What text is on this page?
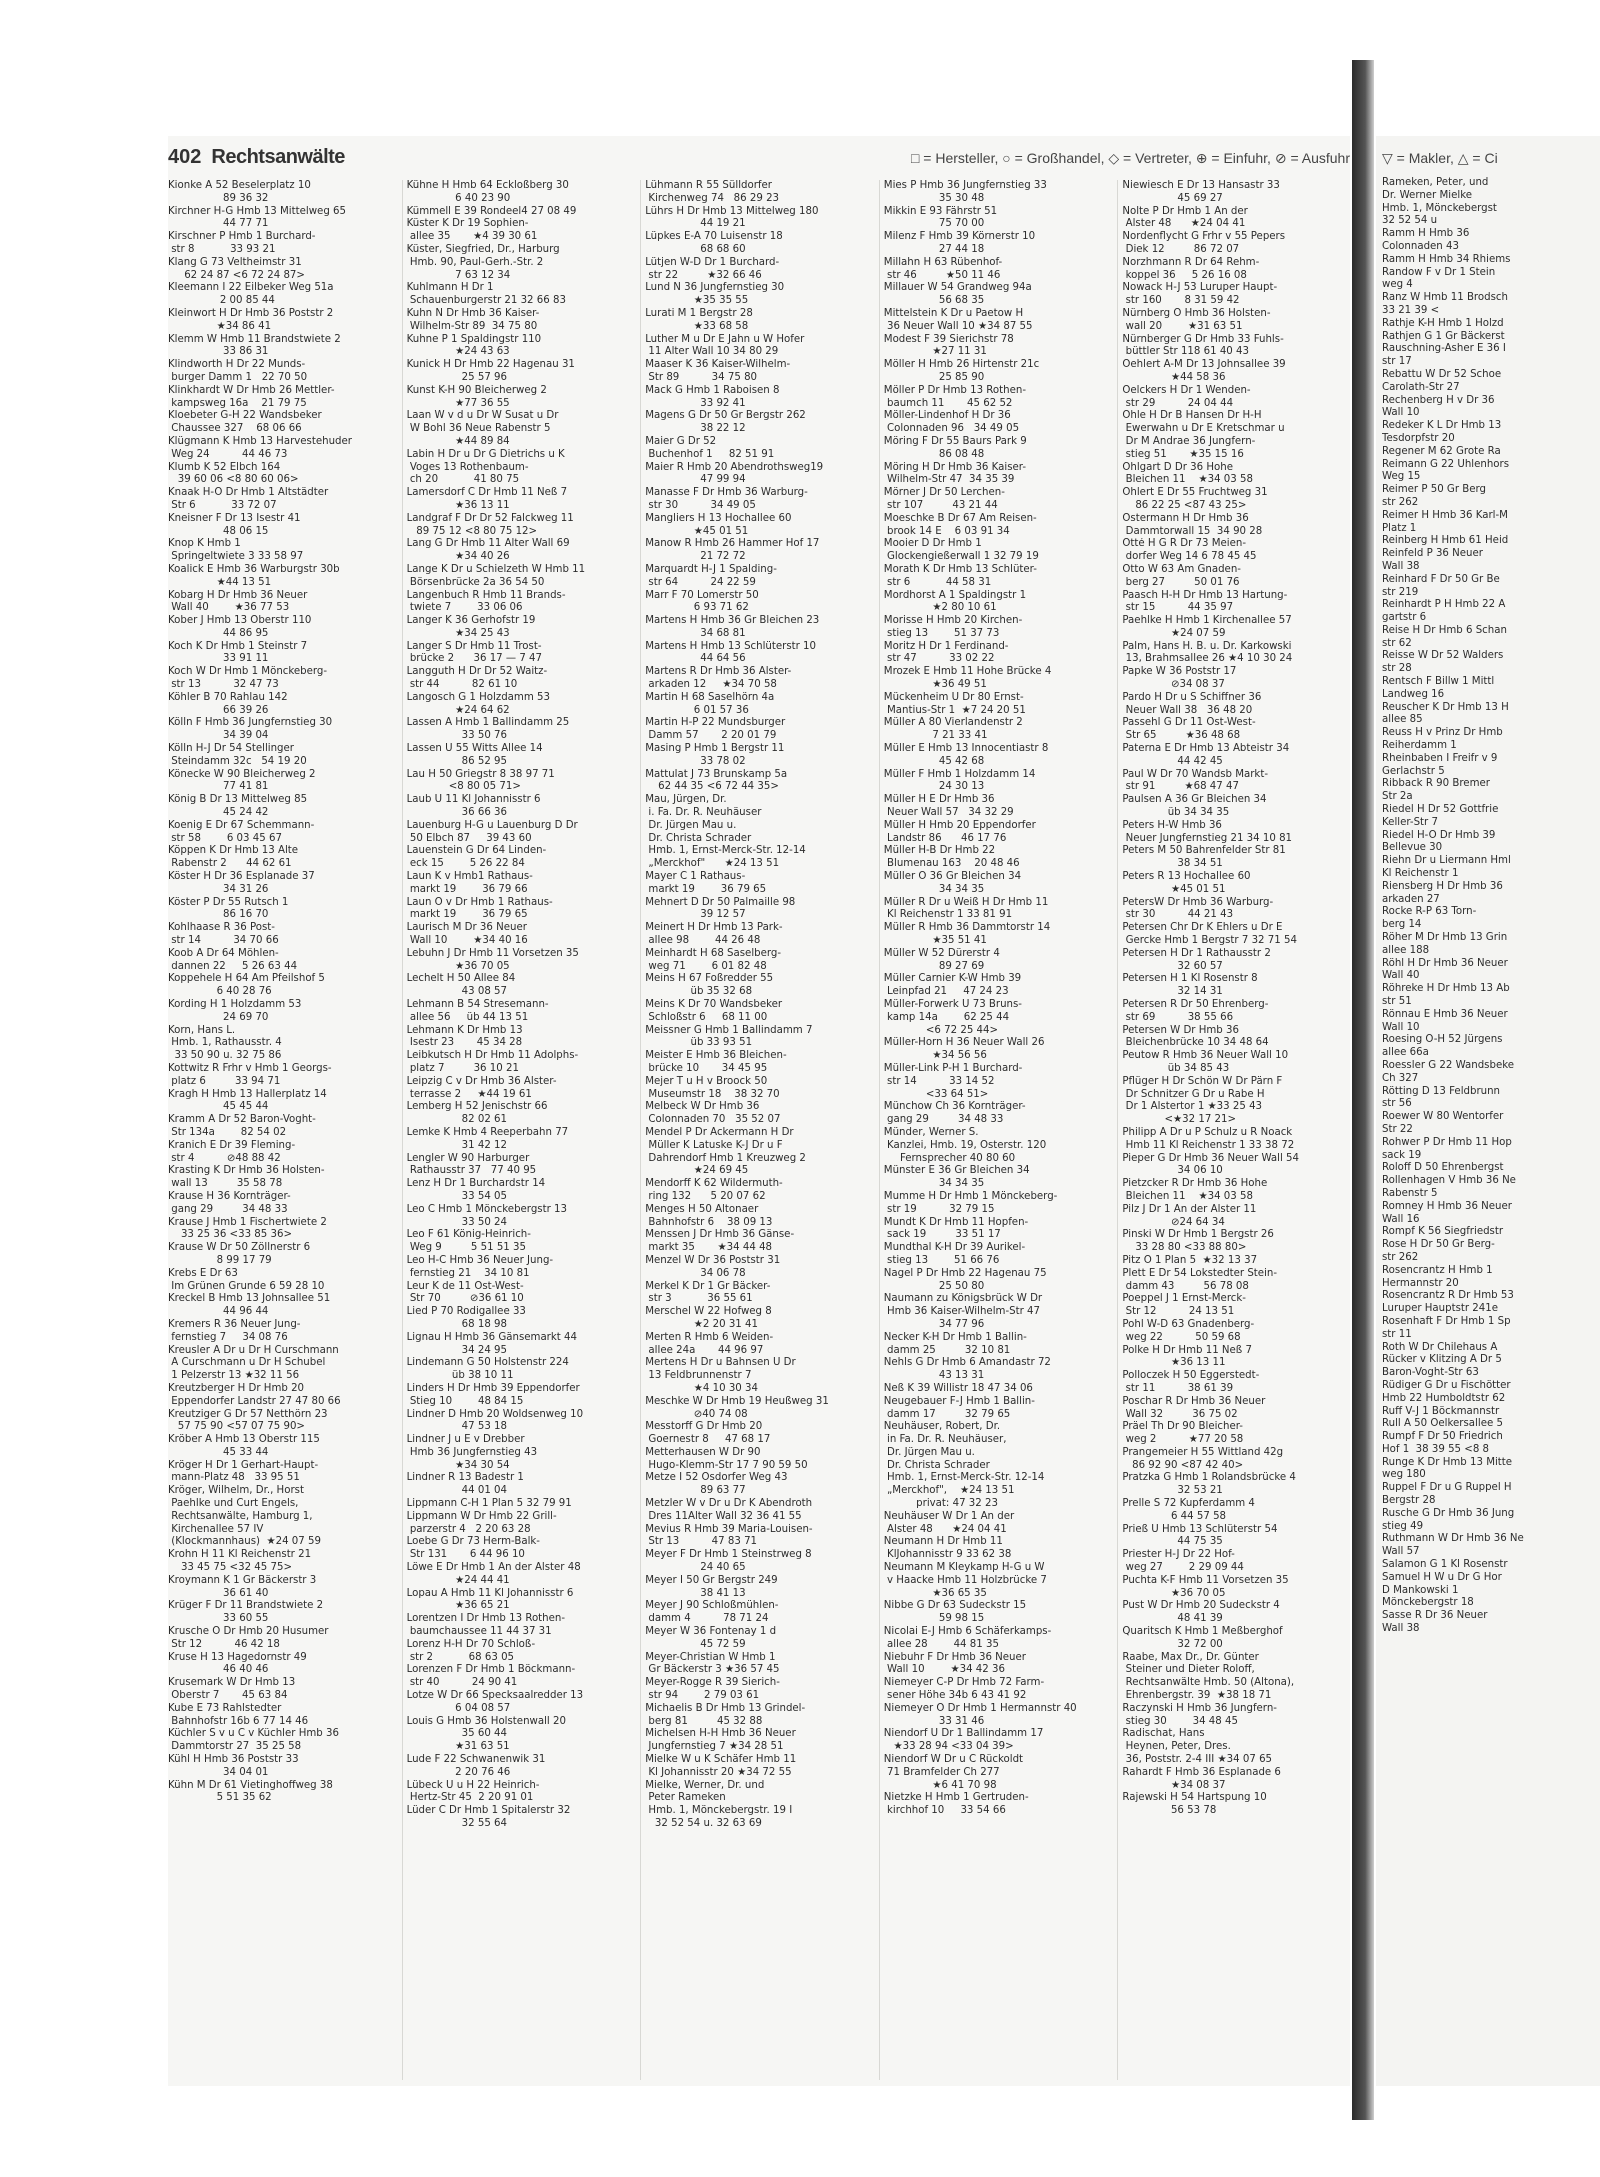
402 Rechtsanwälte	□ = Hersteller, ○ = Großhandel, ◇ = Vertreter, ⊕ = Einfuhr, ⊘ = Ausfuhr
Kionke A 52 Beselerplatz 10
89 36 32
Kirchner H-G Hmb 13 Mittelweg 65
44 77 71
Kirschner P Hmb 1 Burchard-
str 8           33 93 21
Klang G 73 Veltheimstr 31
62 24 87 <6 72 24 87>
Kleemann I 22 Eilbeker Weg 51a
2 00 85 44
Kleinwort H Dr Hmb 36 Poststr 2
★34 86 41
Klemm W Hmb 11 Brandstwiete 2
33 86 31
Klindworth H Dr 22 Munds-
burger Damm 1   22 70 50
Klinkhardt W Dr Hmb 26 Mettler-
kampsweg 16a    21 79 75
Kloebeter G-H 22 Wandsbeker
Chaussee 327    68 06 66
Klügmann K Hmb 13 Harvestehuder
Weg 24          44 46 73
Klumb K 52 Elbch 164
39 60 06 <8 80 60 06>
Knaak H-O Dr Hmb 1 Altstädter
Str 6           33 72 07
Kneisner F Dr 13 Isestr 41
48 06 15
Knop K Hmb 1
Springeltwiete 3 33 58 97
Koalick E Hmb 36 Warburgstr 30b
★44 13 51
Kobarg H Dr Hmb 36 Neuer
Wall 40        ★36 77 53
Kober J Hmb 13 Oberstr 110
44 86 95
Koch K Dr Hmb 1 Steinstr 7
33 91 11
Koch W Dr Hmb 1 Mönckeberg-
str 13          32 47 73
Köhler B 70 Rahlau 142
66 39 26
Kölln F Hmb 36 Jungfernstieg 30
34 39 04
Kölln H-J Dr 54 Stellinger
Steindamm 32c   54 19 20
Könecke W 90 Bleicherweg 2
77 41 81
König B Dr 13 Mittelweg 85
45 24 42
Koenig E Dr 67 Schemmann-
str 58        6 03 45 67
Köppen K Dr Hmb 13 Alte
Rabenstr 2      44 62 61
Köster H Dr 36 Esplanade 37
34 31 26
Köster P Dr 55 Rutsch 1
86 16 70
Kohlhaase R 36 Post-
str 14          34 70 66
Koob A Dr 64 Möhlen-
dannen 22     5 26 63 44
Koppehele H 64 Am Pfeilshof 5
6 40 28 76
Kording H 1 Holzdamm 53
24 69 70
Korn, Hans L.
Hmb. 1, Rathausstr. 4
33 50 90 u. 32 75 86
Kottwitz R Frhr v Hmb 1 Georgs-
platz 6         33 94 71
Kragh H Hmb 13 Hallerplatz 14
45 45 44
Kramm A Dr 52 Baron-Voght-
Str 134a        82 54 02
Kranich E Dr 39 Fleming-
str 4          ⊘48 88 42
Krasting K Dr Hmb 36 Holsten-
wall 13         35 58 78
Krause H 36 Kornträger-
gang 29         34 48 33
Krause J Hmb 1 Fischertwiete 2
33 25 36 <33 85 36>
Krause W Dr 50 Zöllnerstr 6
8 99 17 79
Krebs E Dr 63
Im Grünen Grunde 6 59 28 10
Kreckel B Hmb 13 Johnsallee 51
44 96 44
Kremers R 36 Neuer Jung-
fernstieg 7     34 08 76
Kreusler A Dr u Dr H Curschmann
A Curschmann u Dr H Schubel
1 Pelzerstr 13 ★32 11 56
Kreutzberger H Dr Hmb 20
Eppendorfer Landstr 27 47 80 66
Kreutziger G Dr 57 Netthörn 23
57 75 90 <57 07 75 90>
Kröber A Hmb 13 Oberstr 115
45 33 44
Kröger H Dr 1 Gerhart-Haupt-
mann-Platz 48   33 95 51
Kröger, Wilhelm, Dr., Horst
Paehlke und Curt Engels,
Rechtsanwälte, Hamburg 1,
Kirchenallee 57 IV
(Klockmannhaus)  ★24 07 59
Krohn H 11 Kl Reichenstr 21
33 45 75 <32 45 75>
Kroymann K 1 Gr Bäckerstr 3
36 61 40
Krüger F Dr 11 Brandstwiete 2
33 60 55
Krusche O Dr Hmb 20 Husumer
Str 12          46 42 18
Kruse H 13 Hagedornstr 49
46 40 46
Krusemark W Dr Hmb 13
Oberstr 7       45 63 84
Kube E 73 Rahlstedter
Bahnhofstr 16b 6 77 14 46
Küchler S v u C v Küchler Hmb 36
Dammtorstr 27  35 25 58
Kühl H Hmb 36 Poststr 33
34 04 01
Kühn M Dr 61 Vietinghoffweg 38
5 51 35 62
Kühne H Hmb 64 Eckloßberg 30
6 40 23 90
Kümmell E 39 Rondeel4 27 08 49
Küster K Dr 19 Sophien-
allee 35       ★4 39 30 61
Küster, Siegfried, Dr., Harburg
Hmb. 90, Paul-Gerh.-Str. 2
7 63 12 34
Kuhlmann H Dr 1
Schauenburgerstr 21 32 66 83
Kuhn N Dr Hmb 36 Kaiser-
Wilhelm-Str 89  34 75 80
Kuhne P 1 Spaldingstr 110
★24 43 63
Kunick H Dr Hmb 22 Hagenau 31
25 57 96
Kunst K-H 90 Bleicherweg 2
★77 36 55
Laan W v d u Dr W Susat u Dr
W Bohl 36 Neue Rabenstr 5
★44 89 84
Labin H Dr u Dr G Dietrichs u K
Voges 13 Rothenbaum-
ch 20           41 80 75
Lamersdorf C Dr Hmb 11 Neß 7
★36 13 11
Landgraf F Dr Dr 52 Falckweg 11
89 75 12 <8 80 75 12>
Lang G Dr Hmb 11 Alter Wall 69
★34 40 26
Lange K Dr u Schielzeth W Hmb 11
Börsenbrücke 2a 36 54 50
Langenbuch R Hmb 11 Brands-
twiete 7        33 06 06
Langer K 36 Gerhofstr 19
★34 25 43
Langer S Dr Hmb 11 Trost-
brücke 2      36 17 — 7 47
Langguth H Dr Dr 52 Waitz-
str 44          82 61 10
Langosch G 1 Holzdamm 53
★24 64 62
Lassen A Hmb 1 Ballindamm 25
33 50 76
Lassen U 55 Witts Allee 14
86 52 95
Lau H 50 Griegstr 8 38 97 71
<8 80 05 71>
Laub U 11 Kl Johannisstr 6
36 66 36
Lauenburg H-G u Lauenburg D Dr
50 Elbch 87     39 43 60
Lauenstein G Dr 64 Linden-
eck 15        5 26 22 84
Laun K v Hmb1 Rathaus-
markt 19        36 79 66
Laun O v Dr Hmb 1 Rathaus-
markt 19        36 79 65
Laurisch M Dr 36 Neuer
Wall 10        ★34 40 16
Lebuhn J Dr Hmb 11 Vorsetzen 35
★36 70 05
Lechelt H 50 Allee 84
43 08 57
Lehmann B 54 Stresemann-
allee 56     üb 44 13 51
Lehmann K Dr Hmb 13
Isestr 23       45 34 28
Leibkutsch H Dr Hmb 11 Adolphs-
platz 7         36 10 21
Leipzig C v Dr Hmb 36 Alster-
terrasse 2     ★44 19 61
Lemberg H 52 Jenischstr 66
82 02 61
Lemke K Hmb 4 Reeperbahn 77
31 42 12
Lengler W 90 Harburger
Rathausstr 37   77 40 95
Lenz H Dr 1 Burchardstr 14
33 54 05
Leo C Hmb 1 Mönckebergstr 13
33 50 24
Leo F 61 König-Heinrich-
Weg 9         5 51 51 35
Leo H-C Hmb 36 Neuer Jung-
fernstieg 21    34 10 81
Leur K de 11 Ost-West-
Str 70         ⊘36 61 10
Lied P 70 Rodigallee 33
68 18 98
Lignau H Hmb 36 Gänsemarkt 44
34 24 95
Lindemann G 50 Holstenstr 224
üb 38 10 11
Linders H Dr Hmb 39 Eppendorfer
Stieg 10        48 84 15
Lindner D Hmb 20 Woldsenweg 10
47 53 18
Lindner J u E v Drebber
Hmb 36 Jungfernstieg 43
★34 30 54
Lindner R 13 Badestr 1
44 01 04
Lippmann C-H 1 Plan 5 32 79 91
Lippmann W Dr Hmb 22 Grill-
parzerstr 4   2 20 63 28
Loebe G Dr 73 Herm-Balk-
Str 131       6 44 96 10
Löwe E Dr Hmb 1 An der Alster 48
★24 44 41
Lopau A Hmb 11 Kl Johannisstr 6
★36 65 21
Lorentzen I Dr Hmb 13 Rothen-
baumchaussee 11 44 37 31
Lorenz H-H Dr 70 Schloß-
str 2           68 63 05
Lorenzen F Dr Hmb 1 Böckmann-
str 40          24 90 41
Lotze W Dr 66 Specksaalredder 13
6 04 08 57
Louis G Hmb 36 Holstenwall 20
35 60 44
★31 63 51
Lude F 22 Schwanenwik 31
2 20 76 46
Lübeck U u H 22 Heinrich-
Hertz-Str 45  2 20 91 01
Lüder C Dr Hmb 1 Spitalerstr 32
32 55 64
Lühmann R 55 Sülldorfer
Kirchenweg 74   86 29 23
Lührs H Dr Hmb 13 Mittelweg 180
44 19 21
Lüpkes E-A 70 Luisenstr 18
68 68 60
Lütjen W-D Dr 1 Burchard-
str 22         ★32 66 46
Lund N 36 Jungfernstieg 30
★35 35 55
Lurati M 1 Bergstr 28
★33 68 58
Luther M u Dr E Jahn u W Hofer
11 Alter Wall 10 34 80 29
Maaser K 36 Kaiser-Wilhelm-
Str 89          34 75 80
Mack G Hmb 1 Raboisen 8
33 92 41
Magens G Dr 50 Gr Bergstr 262
38 22 12
Maier G Dr 52
Buchenhof 1     82 51 91
Maier R Hmb 20 Abendrothsweg19
47 99 94
Manasse F Dr Hmb 36 Warburg-
str 30          34 49 05
Mangliers H 13 Hochallee 60
★45 01 51
Manow R Hmb 26 Hammer Hof 17
21 72 72
Marquardt H-J 1 Spalding-
str 64          24 22 59
Marr F 70 Lomerstr 50
6 93 71 62
Martens H Hmb 36 Gr Bleichen 23
34 68 81
Martens H Hmb 13 Schlüterstr 10
44 64 56
Martens R Dr Hmb 36 Alster-
arkaden 12     ★34 70 58
Martin H 68 Saselhörn 4a
6 01 57 36
Martin H-P 22 Mundsburger
Damm 57       2 20 01 79
Masing P Hmb 1 Bergstr 11
33 78 02
Mattulat J 73 Brunskamp 5a
62 44 35 <6 72 44 35>
Mau, Jürgen, Dr.
i. Fa. Dr. R. Neuhäuser
Dr. Jürgen Mau u.
Dr. Christa Schrader
Hmb. 1, Ernst-Merck-Str. 12-14
„Merckhof"      ★24 13 51
Mayer C 1 Rathaus-
markt 19        36 79 65
Mehnert D Dr 50 Palmaille 98
39 12 57
Meinert H Dr Hmb 13 Park-
allee 98        44 26 48
Meinhardt H 68 Saselberg-
weg 71        6 01 82 48
Meins H 67 Foßredder 55
üb 35 32 68
Meins K Dr 70 Wandsbeker
Schloßstr 6     68 11 00
Meissner G Hmb 1 Ballindamm 7
üb 33 93 51
Meister E Hmb 36 Bleichen-
brücke 10       34 45 95
Mejer T u H v Broock 50
Museumstr 18    38 32 70
Melbeck W Dr Hmb 36
Colonnaden 70   35 52 07
Mendel P Dr Ackermann H Dr
Müller K Latuske K-J Dr u F
Dahrendorf Hmb 1 Kreuzweg 2
★24 69 45
Mendorff K 62 Wildermuth-
ring 132      5 20 07 62
Menges H 50 Altonaer
Bahnhofstr 6    38 09 13
Menssen J Dr Hmb 36 Gänse-
markt 35       ★34 44 48
Menzel W Dr 36 Poststr 31
34 06 78
Merkel K Dr 1 Gr Bäcker-
str 3           36 55 61
Merschel W 22 Hofweg 8
★2 20 31 41
Merten R Hmb 6 Weiden-
allee 24a       44 96 97
Mertens H Dr u Bahnsen U Dr
13 Feldbrunnenstr 7
★4 10 30 34
Meschke W Dr Hmb 19 Heußweg 31
⊘40 74 08
Messtorff G Dr Hmb 20
Goernestr 8     47 68 17
Metterhausen W Dr 90
Hugo-Klemm-Str 17 7 90 59 50
Metze I 52 Osdorfer Weg 43
89 63 77
Metzler W v Dr u Dr K Abendroth
Dres 11Alter Wall 32 36 41 55
Mevius R Hmb 39 Maria-Louisen-
Str 13          47 83 71
Meyer F Dr Hmb 1 Steinstrweg 8
24 40 65
Meyer I 50 Gr Bergstr 249
38 41 13
Meyer J 90 Schloßmühlen-
damm 4          78 71 24
Meyer W 36 Fontenay 1 d
45 72 59
Meyer-Christian W Hmb 1
Gr Bäckerstr 3 ★36 57 45
Meyer-Rogge R 39 Sierich-
str 94        2 79 03 61
Michaelis B Dr Hmb 13 Grindel-
berg 81         45 32 88
Michelsen H-H Hmb 36 Neuer
Jungfernstieg 7 ★34 28 51
Mielke W u K Schäfer Hmb 11
Kl Johannisstr 20 ★34 72 55
Mielke, Werner, Dr. und
Peter Rameken
Hmb. 1, Mönckebergstr. 19 I
32 52 54 u. 32 63 69
Mies P Hmb 36 Jungfernstieg 33
35 30 48
Mikkin E 93 Fährstr 51
75 70 00
Milenz F Hmb 39 Körnerstr 10
27 44 18
Millahn H 63 Rübenhof-
str 46         ★50 11 46
Millauer W 54 Grandweg 94a
56 68 35
Mittelstein K Dr u Paetow H
36 Neuer Wall 10 ★34 87 55
Modest F 39 Sierichstr 78
★27 11 31
Möller H Hmb 26 Hirtenstr 21c
25 85 90
Möller P Dr Hmb 13 Rothen-
baumch 11       45 62 52
Möller-Lindenhof H Dr 36
Colonnaden 96   34 49 05
Möring F Dr 55 Baurs Park 9
86 08 48
Möring H Dr Hmb 36 Kaiser-
Wilhelm-Str 47  34 35 39
Mörner J Dr 50 Lerchen-
str 107         43 21 44
Moeschke B Dr 67 Am Reisen-
brook 14 E    6 03 91 34
Mooier D Dr Hmb 1
Glockengießerwall 1 32 79 19
Morath K Dr Hmb 13 Schlüter-
str 6           44 58 31
Mordhorst A 1 Spaldingstr 1
★2 80 10 61
Morisse H Hmb 20 Kirchen-
stieg 13        51 37 73
Moritz H Dr 1 Ferdinand-
str 47          33 02 22
Mrozek E Hmb 11 Hohe Brücke 4
★36 49 51
Mückenheim U Dr 80 Ernst-
Mantius-Str 1  ★7 24 20 51
Müller A 80 Vierlandenstr 2
7 21 33 41
Müller E Hmb 13 Innocentiastr 8
45 42 68
Müller F Hmb 1 Holzdamm 14
24 30 13
Müller H E Dr Hmb 36
Neuer Wall 57   34 32 29
Müller H Hmb 20 Eppendorfer
Landstr 86      46 17 76
Müller H-B Dr Hmb 22
Blumenau 163    20 48 46
Müller O 36 Gr Bleichen 34
34 34 35
Müller R Dr u Weiß H Dr Hmb 11
Kl Reichenstr 1 33 81 91
Müller R Hmb 36 Dammtorstr 14
★35 51 41
Müller W 52 Dürerstr 4
89 27 69
Müller Carnier K-W Hmb 39
Leinpfad 21     47 24 23
Müller-Forwerk U 73 Bruns-
kamp 14a        62 25 44
<6 72 25 44>
Müller-Horn H 36 Neuer Wall 26
★34 56 56
Müller-Link P-H 1 Burchard-
str 14          33 14 52
<33 64 51>
Münchow Ch 36 Kornträger-
gang 29         34 48 33
Münder, Werner S.
Kanzlei, Hmb. 19, Osterstr. 120
Fernsprecher 40 80 60
Münster E 36 Gr Bleichen 34
34 34 35
Mumme H Dr Hmb 1 Mönckeberg-
str 19          32 79 15
Mundt K Dr Hmb 11 Hopfen-
sack 19         33 51 17
Mundthal K-H Dr 39 Aurikel-
stieg 13        51 66 76
Nagel P Dr Hmb 22 Hagenau 75
25 50 80
Naumann zu Königsbrück W Dr
Hmb 36 Kaiser-Wilhelm-Str 47
34 77 96
Necker K-H Dr Hmb 1 Ballin-
damm 25         32 10 81
Nehls G Dr Hmb 6 Amandastr 72
43 13 31
Neß K 39 Willistr 18 47 34 06
Neugebauer F-J Hmb 1 Ballin-
damm 17         32 79 65
Neuhäuser, Robert, Dr.
in Fa. Dr. R. Neuhäuser,
Dr. Jürgen Mau u.
Dr. Christa Schrader
Hmb. 1, Ernst-Merck-Str. 12-14
„Merckhof",    ★24 13 51
privat: 47 32 23
Neuhäuser W Dr 1 An der
Alster 48      ★24 04 41
Neumann H Dr Hmb 11
KlJohannisstr 9 33 62 38
Neumann M Kleykamp H-G u W
v Haacke Hmb 11 Holzbrücke 7
★36 65 35
Nibbe G Dr 63 Sudeckstr 15
59 98 15
Nicolai E-J Hmb 6 Schäferkamps-
allee 28        44 81 35
Niebuhr F Dr Hmb 36 Neuer
Wall 10        ★34 42 36
Niemeyer C-P Dr Hmb 72 Farm-
sener Höhe 34b 6 43 41 92
Niemeyer O Dr Hmb 1 Hermannstr 40
33 31 46
Niendorf U Dr 1 Ballindamm 17
★33 28 94 <33 04 39>
Niendorf W Dr u C Rückoldt
71 Bramfelder Ch 277
★6 41 70 98
Nietzke H Hmb 1 Gertruden-
kirchhof 10     33 54 66
Niewiesch E Dr 13 Hansastr 33
45 69 27
Nolte P Dr Hmb 1 An der
Alster 48      ★24 04 41
Nordenflycht G Frhr v 55 Pepers
Diek 12         86 72 07
Norzhmann R Dr 64 Rehm-
koppel 36     5 26 16 08
Nowack H-J 53 Luruper Haupt-
str 160       8 31 59 42
Nürnberg O Hmb 36 Holsten-
wall 20        ★31 63 51
Nürnberger G Dr Hmb 33 Fuhls-
büttler Str 118 61 40 43
Oehlert A-M Dr 13 Johnsallee 39
★44 58 36
Oelckers H Dr 1 Wenden-
str 29          24 04 44
Ohle H Dr B Hansen Dr H-H
Ewerwahn u Dr E Kretschmar u
Dr M Andrae 36 Jungfern-
stieg 51       ★35 15 16
Ohlgart D Dr 36 Hohe
Bleichen 11    ★34 03 58
Ohlert E Dr 55 Fruchtweg 31
86 22 25 <87 43 25>
Ostermann H Dr Hmb 36
Dammtorwall 15  34 90 28
Otté H G R Dr 73 Meien-
dorfer Weg 14 6 78 45 45
Otto W 63 Am Gnaden-
berg 27         50 01 76
Paasch H-H Dr Hmb 13 Hartung-
str 15          44 35 97
Paehlke H Hmb 1 Kirchenallee 57
★24 07 59
Palm, Hans H. B. u. Dr. Karkowski
13, Brahmsallee 26 ★4 10 30 24
Papke W 36 Poststr 17
⊘34 08 37
Pardo H Dr u S Schiffner 36
Neuer Wall 38   36 48 20
Passehl G Dr 11 Ost-West-
Str 65         ★36 48 68
Paterna E Dr Hmb 13 Abteistr 34
44 42 45
Paul W Dr 70 Wandsb Markt-
str 91         ★68 47 47
Paulsen A 36 Gr Bleichen 34
üb 34 34 35
Peters H-W Hmb 36
Neuer Jungfernstieg 21 34 10 81
Peters M 50 Bahrenfelder Str 81
38 34 51
Peters R 13 Hochallee 60
★45 01 51
PetersW Dr Hmb 36 Warburg-
str 30          44 21 43
Petersen Chr Dr K Ehlers u Dr E
Gercke Hmb 1 Bergstr 7 32 71 54
Petersen H Dr 1 Rathausstr 2
32 60 57
Petersen H 1 Kl Rosenstr 8
32 14 31
Petersen R Dr 50 Ehrenberg-
str 69          38 55 66
Petersen W Dr Hmb 36
Bleichenbrücke 10 34 48 64
Peutow R Hmb 36 Neuer Wall 10
üb 34 85 43
Pflüger H Dr Schön W Dr Pärn F
Dr Schnitzer G Dr u Rabe H
Dr 1 Alstertor 1 ★33 25 43
<★32 17 21>
Philipp A Dr u P Schulz u R Noack
Hmb 11 Kl Reichenstr 1 33 38 72
Pieper G Dr Hmb 36 Neuer Wall 54
34 06 10
Pietzcker R Dr Hmb 36 Hohe
Bleichen 11    ★34 03 58
Pilz J Dr 1 An der Alster 11
⊘24 64 34
Pinski W Dr Hmb 1 Bergstr 26
33 28 80 <33 88 80>
Pitz O 1 Plan 5  ★32 13 37
Plett E Dr 54 Lokstedter Stein-
damm 43         56 78 08
Poeppel J 1 Ernst-Merck-
Str 12          24 13 51
Pohl W-D 63 Gnadenberg-
weg 22          50 59 68
Polke H Dr Hmb 11 Neß 7
★36 13 11
Polloczek H 50 Eggerstedt-
str 11          38 61 39
Poschar R Dr Hmb 36 Neuer
Wall 32         36 75 02
Präel Th Dr 90 Bleicher-
weg 2          ★77 20 58
Prangemeier H 55 Wittland 42g
86 92 90 <87 42 40>
Pratzka G Hmb 1 Rolandsbrücke 4
32 53 21
Prelle S 72 Kupferdamm 4
6 44 57 58
Prieß U Hmb 13 Schlüterstr 54
44 75 35
Priester H-J Dr 22 Hof-
weg 27        2 29 09 44
Puchta K-F Hmb 11 Vorsetzen 35
★36 70 05
Pust W Dr Hmb 20 Sudeckstr 4
48 41 39
Quaritsch K Hmb 1 Meßberghof
32 72 00
Raabe, Max Dr., Dr. Günter
Steiner und Dieter Roloff,
Rechtsanwälte Hmb. 50 (Altona),
Ehrenbergstr. 39  ★38 18 71
Raczynski H Hmb 36 Jungfern-
stieg 30        34 48 45
Radischat, Hans
Heynen, Peter, Dres.
36, Poststr. 2-4 III ★34 07 65
Rahardt F Hmb 36 Esplanade 6
★34 08 37
Rajewski H 54 Hartspung 10
56 53 78
▽ = Makler, △ = Ci
Rameken, Peter, und
Dr. Werner Mielke
Hmb. 1, Mönckebergst
32 52 54 u
Ramm H Hmb 36
Colonnaden 43
Ramm H Hmb 34 Rhiems
Randow F v Dr 1 Stein
weg 4
Ranz W Hmb 11 Brodsch
33 21 39 <
Rathje K-H Hmb 1 Holzd
Rathjen G 1 Gr Bäckerst
Rauschning-Asher E 36 I
str 17
Rebattu W Dr 52 Schoe
Carolath-Str 27
Rechenberg H v Dr 36
Wall 10
Redeker K L Dr Hmb 13
Tesdorpfstr 20
Regener M 62 Grote Ra
Reimann G 22 Uhlenhors
Weg 15
Reimer P 50 Gr Berg
str 262
Reimer H Hmb 36 Karl-M
Platz 1
Reinberg H Hmb 61 Heid
Reinfeld P 36 Neuer
Wall 38
Reinhard F Dr 50 Gr Be
str 219
Reinhardt P H Hmb 22 A
gartstr 6
Reise H Dr Hmb 6 Schan
str 62
Reisse W Dr 52 Walders
str 28
Rentsch F Billw 1 Mittl
Landweg 16
Reuscher K Dr Hmb 13 H
allee 85
Reuss H v Prinz Dr Hmb
Reiherdamm 1
Rheinbaben I Freifr v 9
Gerlachstr 5
Ribback R 90 Bremer
Str 2a
Riedel H Dr 52 Gottfrie
Keller-Str 7
Riedel H-O Dr Hmb 39
Bellevue 30
Riehn Dr u Liermann Hml
Kl Reichenstr 1
Riensberg H Dr Hmb 36
arkaden 27
Rocke R-P 63 Torn-
berg 14
Röher M Dr Hmb 13 Grin
allee 188
Röhl H Dr Hmb 36 Neuer
Wall 40
Röhreke H Dr Hmb 13 Ab
str 51
Rönnau E Hmb 36 Neuer
Wall 10
Roesing O-H 52 Jürgens
allee 66a
Roessler G 22 Wandsbeke
Ch 327
Rötting D 13 Feldbrunn
str 56
Roewer W 80 Wentorfer
Str 22
Rohwer P Dr Hmb 11 Hop
sack 19
Roloff D 50 Ehrenbergst
Rollenhagen V Hmb 36 Ne
Rabenstr 5
Romney H Hmb 36 Neuer
Wall 16
Rompf K 56 Siegfriedstr
Rose H Dr 50 Gr Berg-
str 262
Rosencrantz H Hmb 1
Hermannstr 20
Rosencrantz R Dr Hmb 53
Luruper Hauptstr 241e
Rosenhaft F Dr Hmb 1 Sp
str 11
Roth W Dr Chilehaus A
Rücker v Klitzing A Dr 5
Baron-Voght-Str 63
Rüdiger G Dr u Fischötter
Hmb 22 Humboldtstr 62
Ruff V-J 1 Böckmannstr
Rull A 50 Oelkersallee 5
Rumpf F Dr 50 Friedrich
Hof 1  38 39 55 <8 8
Runge K Dr Hmb 13 Mitte
weg 180
Ruppel F Dr u G Ruppel H
Bergstr 28
Rusche G Dr Hmb 36 Jung
stieg 49
Ruthmann W Dr Hmb 36 Ne
Wall 57
Salamon G 1 Kl Rosenstr
Samuel H W u Dr G Hor
D Mankowski 1
Mönckebergstr 18
Sasse R Dr 36 Neuer
Wall 38
